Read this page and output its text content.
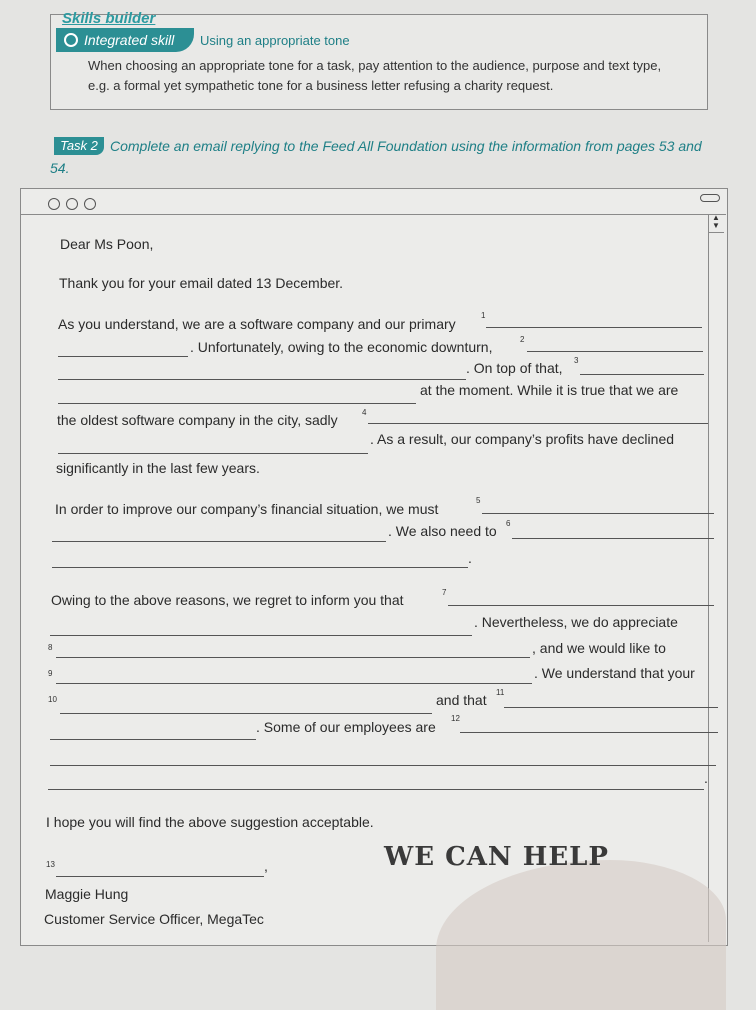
Skills builder
Integrated skill	Using an appropriate tone
When choosing an appropriate tone for a task, pay attention to the audience, purpose and text type, e.g. a formal yet sympathetic tone for a business letter refusing a charity request.
Complete an email replying to the Feed All Foundation using the information from pages 53 and 54.
Task 2
▲
▼
Dear Ms Poon,
Thank you for your email dated 13 December.
As you understand, we are a software company and our primary
1
. Unfortunately, owing to the economic downturn,	2
. On top of that, 3
at the moment. While it is true that we are
the oldest software company in the city, sadly	4
. As a result, our company’s profits have declined
significantly in the last few years.
In order to improve our company’s financial situation, we must
5
. We also need to 6
.
Owing to the above reasons, we regret to inform you that	7
. Nevertheless, we do appreciate
8	, and we would like to
9	. We understand that your
10	and that 11
. Some of our employees are
12
.
I hope you will find the above suggestion acceptable.
WE CAN HELP
13	,
Maggie Hung
Customer Service Officer, MegaTec
